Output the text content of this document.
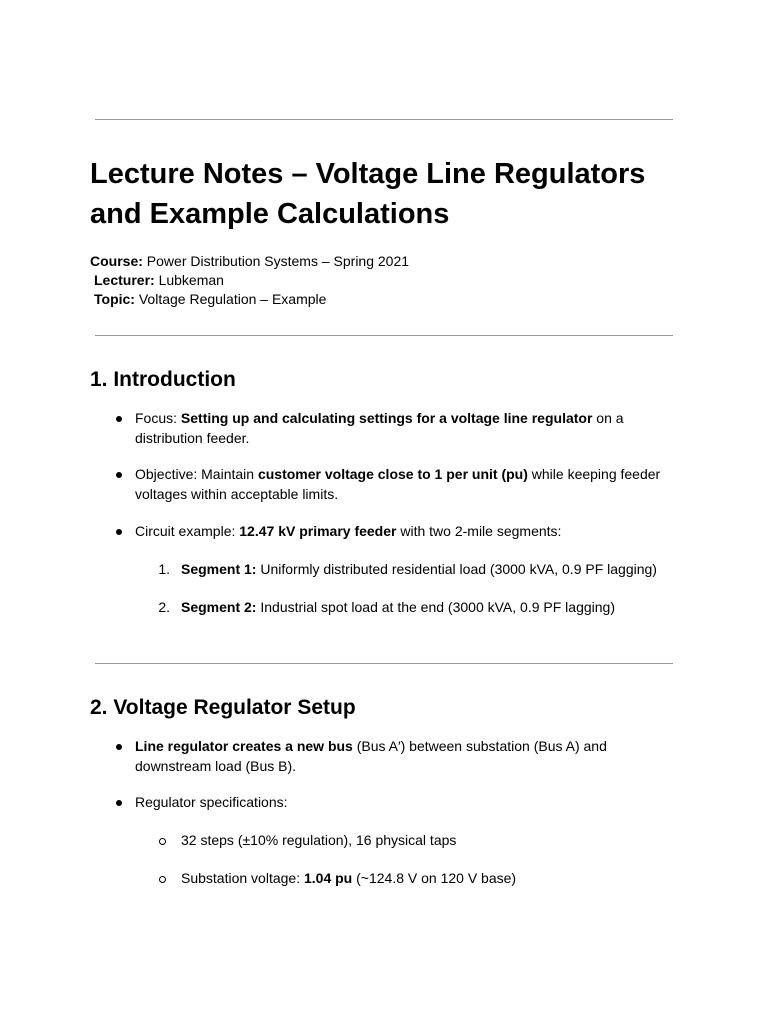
Lecture Notes – Voltage Line Regulators and Example Calculations
Course: Power Distribution Systems – Spring 2021
Lecturer: Lubkeman
Topic: Voltage Regulation – Example
1. Introduction
Focus: Setting up and calculating settings for a voltage line regulator on a
distribution feeder.
Objective: Maintain customer voltage close to 1 per unit (pu) while keeping feeder
voltages within acceptable limits.
Circuit example: 12.47 kV primary feeder with two 2-mile segments:
1. Segment 1: Uniformly distributed residential load (3000 kVA, 0.9 PF lagging)
2. Segment 2: Industrial spot load at the end (3000 kVA, 0.9 PF lagging)
2. Voltage Regulator Setup
Line regulator creates a new bus (Bus A′) between substation (Bus A) and
downstream load (Bus B).
Regulator specifications:
32 steps (±10% regulation), 16 physical taps
Substation voltage: 1.04 pu (~124.8 V on 120 V base)
